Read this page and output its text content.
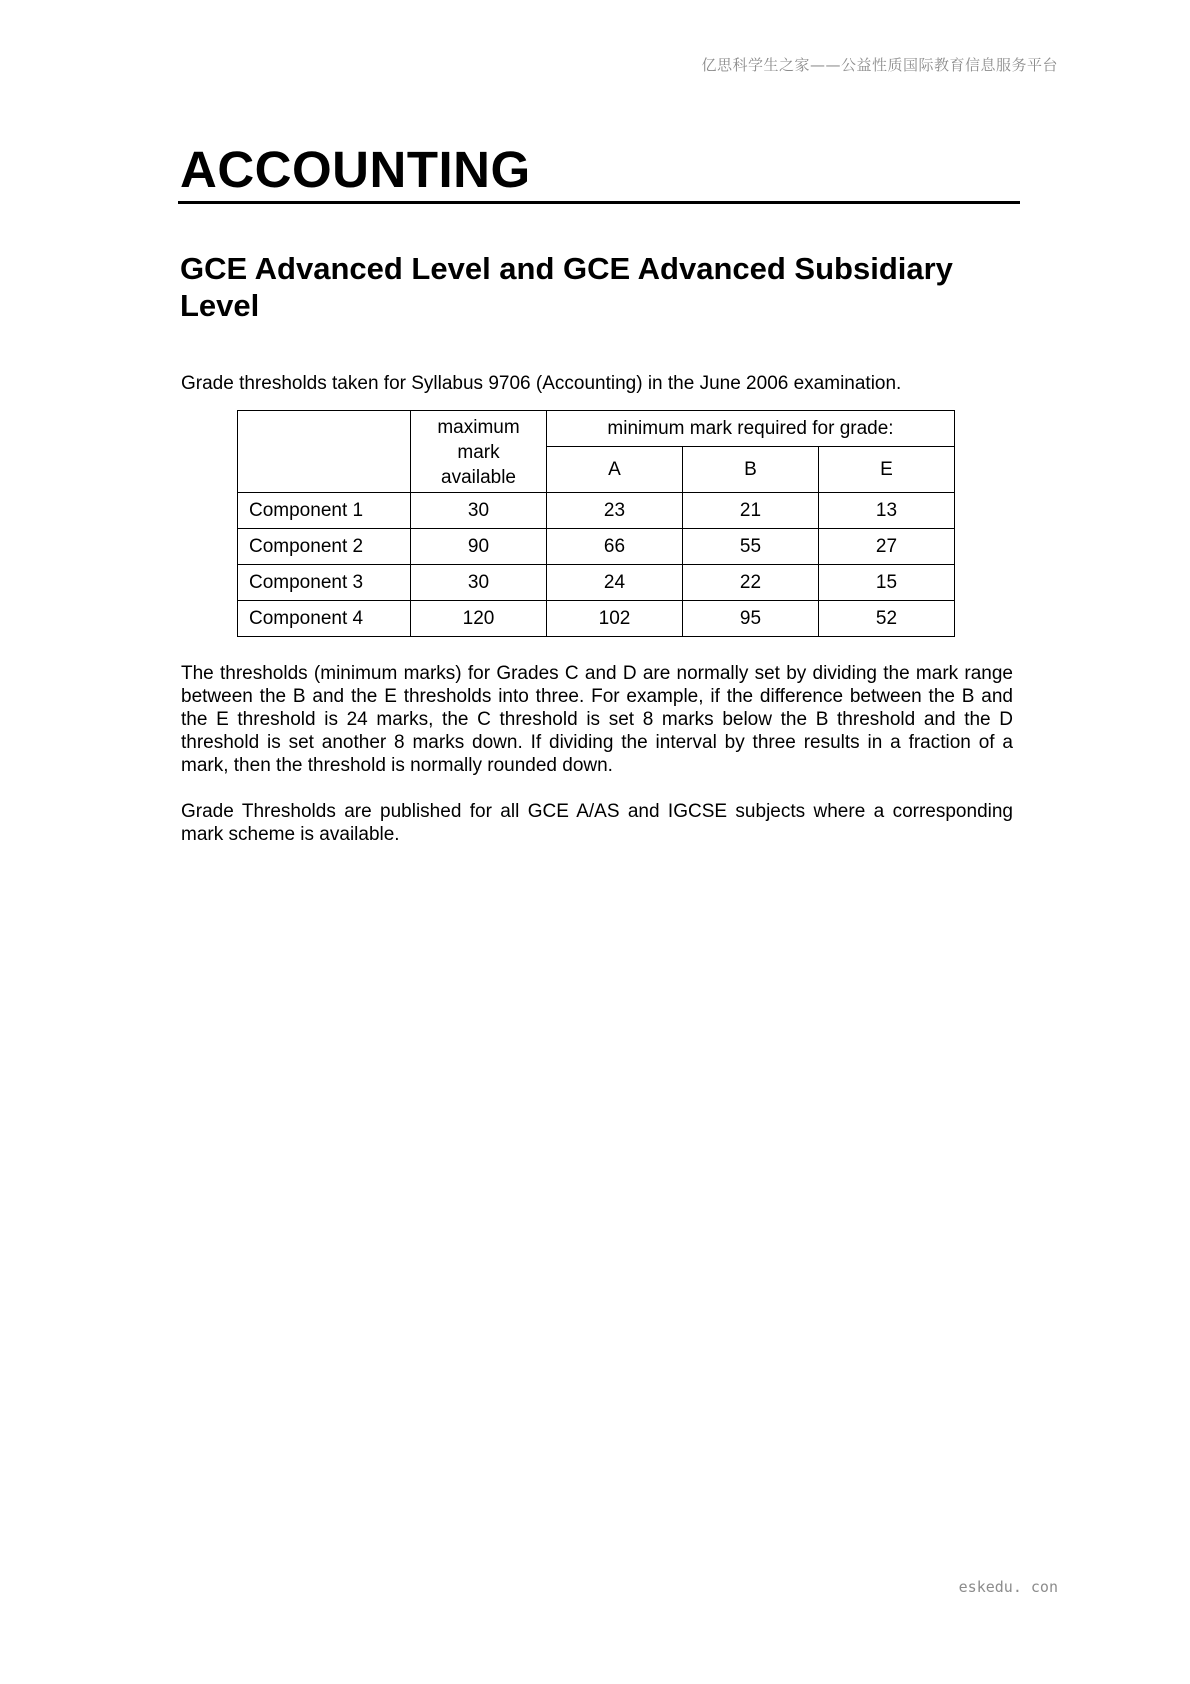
亿思科学生之家——公益性质国际教育信息服务平台
ACCOUNTING
GCE Advanced Level and GCE Advanced Subsidiary Level

Grade thresholds taken for Syllabus 9706 (Accounting) in the June 2006 examination.

	maximum
mark
available	minimum mark required for grade:		
		A	B	E
Component 1	30	23	21	13
Component 2	90	66	55	27
Component 3	30	24	22	15
Component 4	120	102	95	52

The thresholds (minimum marks) for Grades C and D are normally set by dividing the mark range between the B and the E thresholds into three. For example, if the difference between the B and the E threshold is 24 marks, the C threshold is set 8 marks below the B threshold and the D threshold is set another 8 marks down. If dividing the interval by three results in a fraction of a mark, then the threshold is normally rounded down.

Grade Thresholds are published for all GCE A/AS and IGCSE subjects where a corresponding mark scheme is available.

eskedu. con
